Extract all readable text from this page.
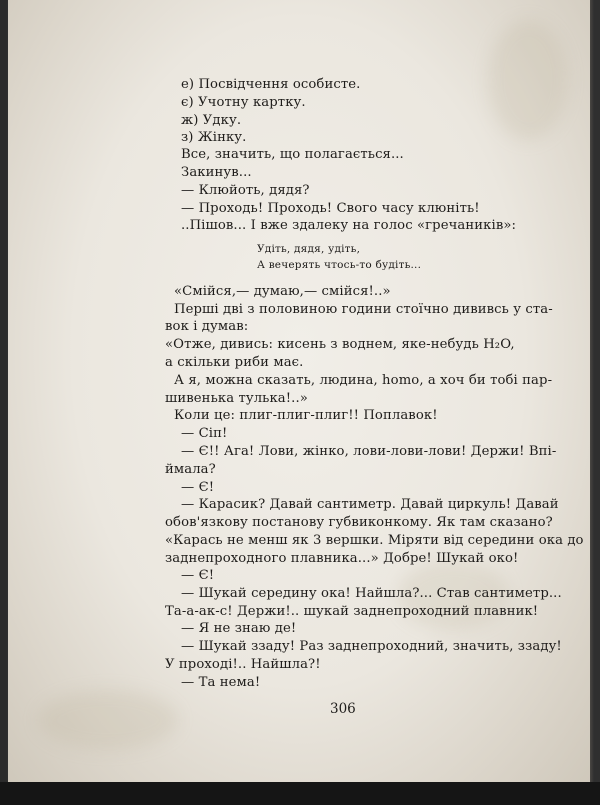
е) Посвідчення особисте.
є) Учотну картку.
ж) Удку.
з) Жінку.
Все, значить, що полагається...
Закинув...
— Клюйоть, дядя?
— Проходь! Проходь! Свого часу клюніть!
..Пішов... І вже здалеку на голос «гречаників»:
Удіть, дядя, удіть,
А вечерять чтось-то будіть...
«Смійся,— думаю,— смійся!..»
Перші дві з половиною години стоїчно дививсь у ста-
вок і думав:
«Отже, дивись: кисень з воднем, яке-небудь H₂O,
а скільки риби має.
А я, можна сказать, людина, homo, а хоч би тобі пар-
шивенька тулька!..»
Коли це: плиг-плиг-плиг!! Поплавок!
— Сіп!
— Є!! Ага! Лови, жінко, лови-лови-лови! Держи! Впі-
ймала?
— Є!
— Карасик? Давай сантиметр. Давай циркуль! Давай
обов'язкову постанову губвиконкому. Як там сказано?
«Карась не менш як 3 вершки. Міряти від середини ока до
заднепроходного плавника...» Добре! Шукай око!
— Є!
— Шукай середину ока! Найшла?... Став сантиметр...
Та-а-ак-с! Держи!.. шукай заднепроходний плавник!
— Я не знаю де!
— Шукай ззаду! Раз заднепроходний, значить, ззаду!
У проході!.. Найшла?!
— Та нема!
306
